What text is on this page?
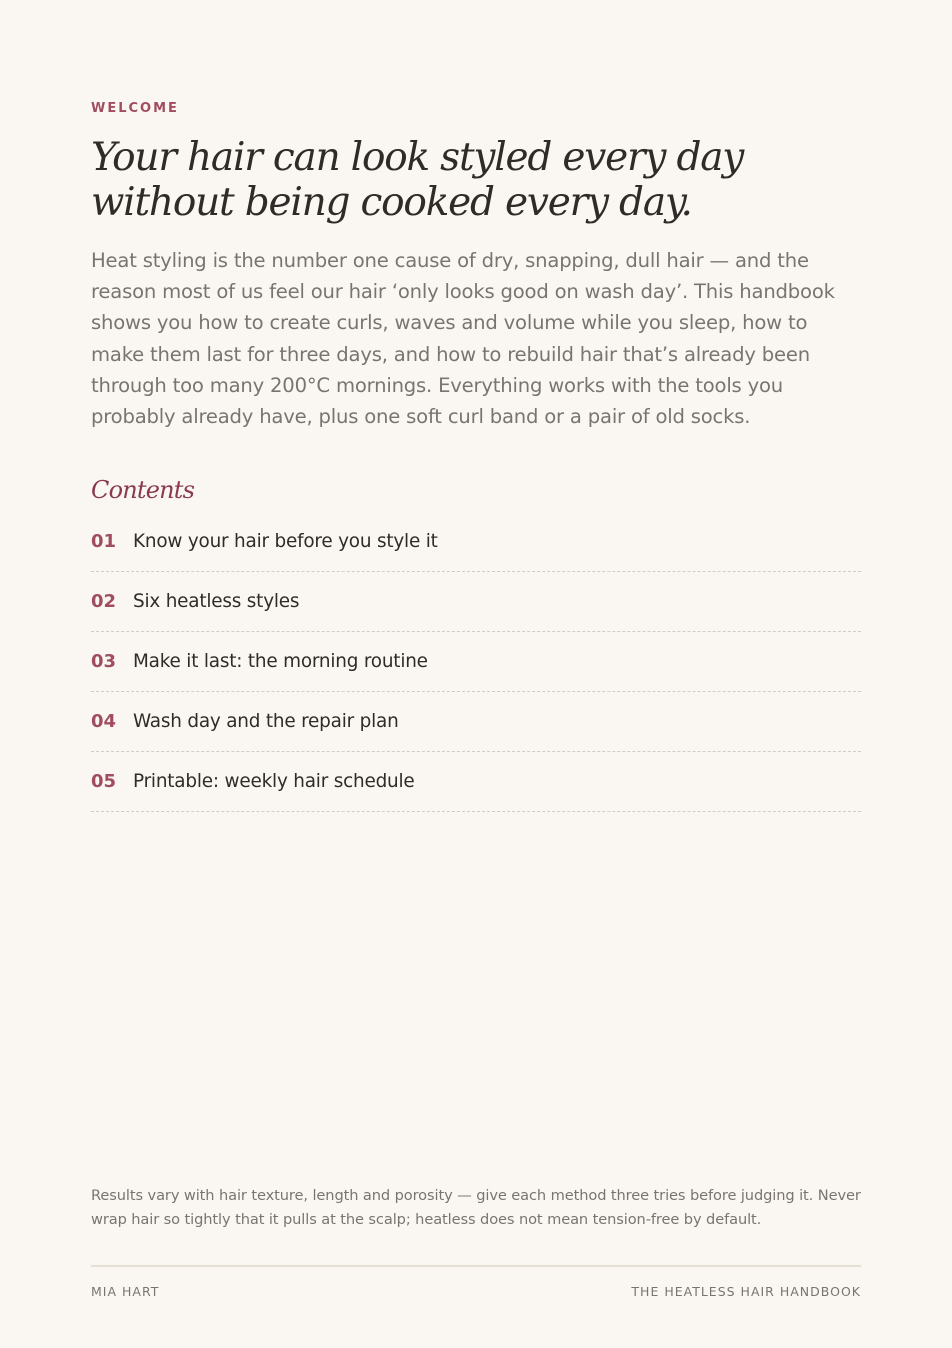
WELCOME
Your hair can look styled every day without being cooked every day.

Heat styling is the number one cause of dry, snapping, dull hair — and the reason most of us feel our hair ‘only looks good on wash day’. This handbook shows you how to create curls, waves and volume while you sleep, how to make them last for three days, and how to rebuild hair that’s already been through too many 200°C mornings. Everything works with the tools you probably already have, plus one soft curl band or a pair of old socks.

Contents
01 Know your hair before you style it
02 Six heatless styles
03 Make it last: the morning routine
04 Wash day and the repair plan
05 Printable: weekly hair schedule

Results vary with hair texture, length and porosity — give each method three tries before judging it. Never wrap hair so tightly that it pulls at the scalp; heatless does not mean tension-free by default.

MIA HART	THE HEATLESS HAIR HANDBOOK
